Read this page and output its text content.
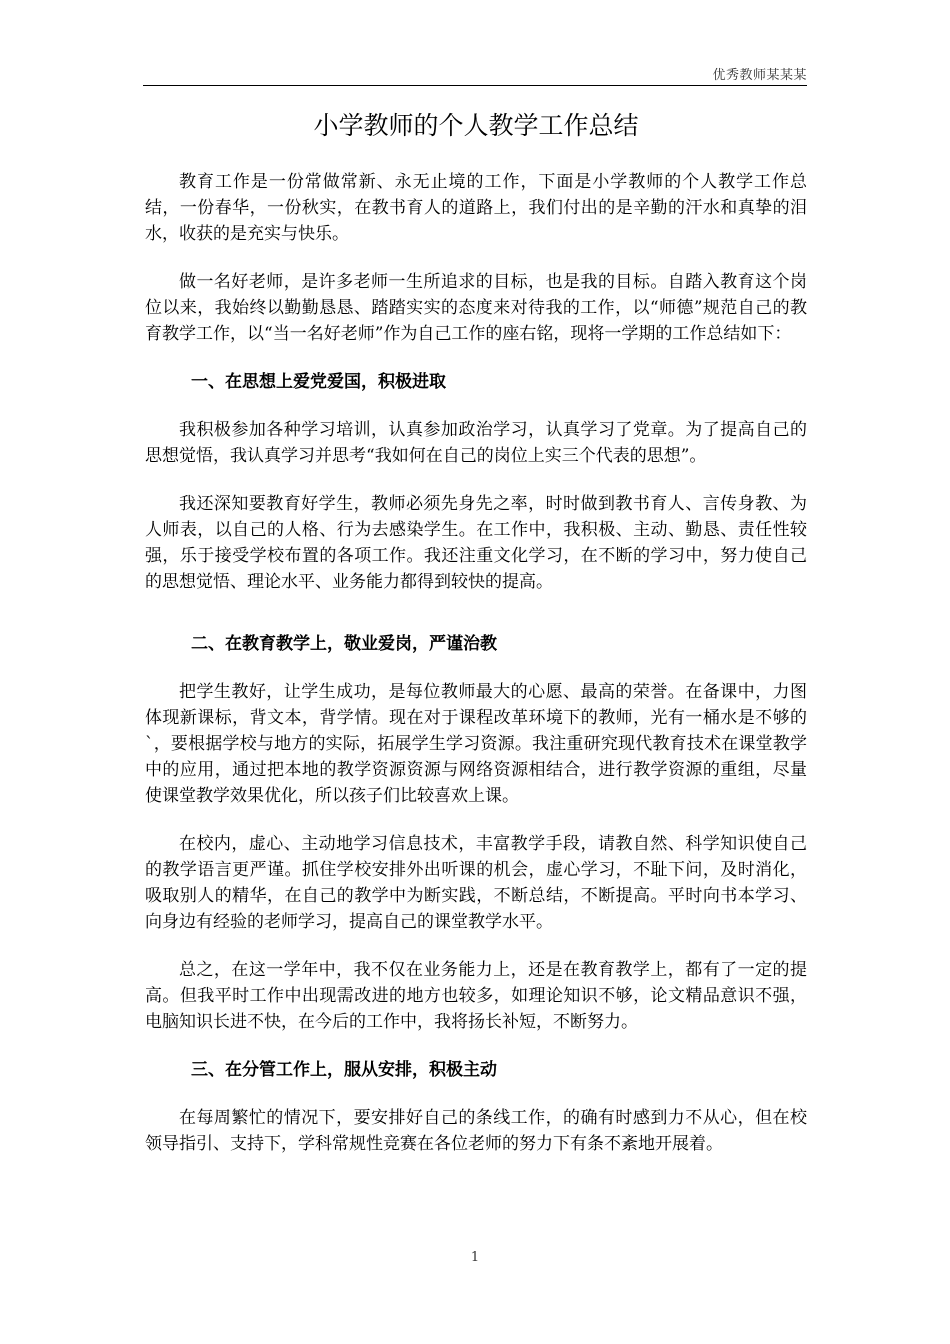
优秀教师某某某
小学教师的个人教学工作总结

教育工作是一份常做常新、永无止境的工作，下面是小学教师的个人教学工作总结，一份春华，一份秋实，在教书育人的道路上，我们付出的是辛勤的汗水和真挚的泪水，收获的是充实与快乐。

做一名好老师，是许多老师一生所追求的目标，也是我的目标。自踏入教育这个岗位以来，我始终以勤勤恳恳、踏踏实实的态度来对待我的工作，以“师德”规范自己的教育教学工作，以“当一名好老师”作为自己工作的座右铭，现将一学期的工作总结如下：

一、在思想上爱党爱国，积极进取

我积极参加各种学习培训，认真参加政治学习，认真学习了党章。为了提高自己的思想觉悟，我认真学习并思考“我如何在自己的岗位上实三个代表的思想”。

我还深知要教育好学生，教师必须先身先之率，时时做到教书育人、言传身教、为人师表，以自己的人格、行为去感染学生。在工作中，我积极、主动、勤恳、责任性较强，乐于接受学校布置的各项工作。我还注重文化学习，在不断的学习中，努力使自己的思想觉悟、理论水平、业务能力都得到较快的提高。

二、在教育教学上，敬业爱岗，严谨治教

把学生教好，让学生成功，是每位教师最大的心愿、最高的荣誉。在备课中，力图体现新课标，背文本，背学情。现在对于课程改革环境下的教师，光有一桶水是不够的`，要根据学校与地方的实际，拓展学生学习资源。我注重研究现代教育技术在课堂教学中的应用，通过把本地的教学资源资源与网络资源相结合，进行教学资源的重组，尽量使课堂教学效果优化，所以孩子们比较喜欢上课。

在校内，虚心、主动地学习信息技术，丰富教学手段，请教自然、科学知识使自己的教学语言更严谨。抓住学校安排外出听课的机会，虚心学习，不耻下问，及时消化，吸取别人的精华，在自己的教学中为断实践，不断总结，不断提高。平时向书本学习、向身边有经验的老师学习，提高自己的课堂教学水平。

总之，在这一学年中，我不仅在业务能力上，还是在教育教学上，都有了一定的提高。但我平时工作中出现需改进的地方也较多，如理论知识不够，论文精品意识不强，电脑知识长进不快，在今后的工作中，我将扬长补短，不断努力。

三、在分管工作上，服从安排，积极主动

在每周繁忙的情况下，要安排好自己的条线工作，的确有时感到力不从心，但在校领导指引、支持下，学科常规性竞赛在各位老师的努力下有条不紊地开展着。

1
